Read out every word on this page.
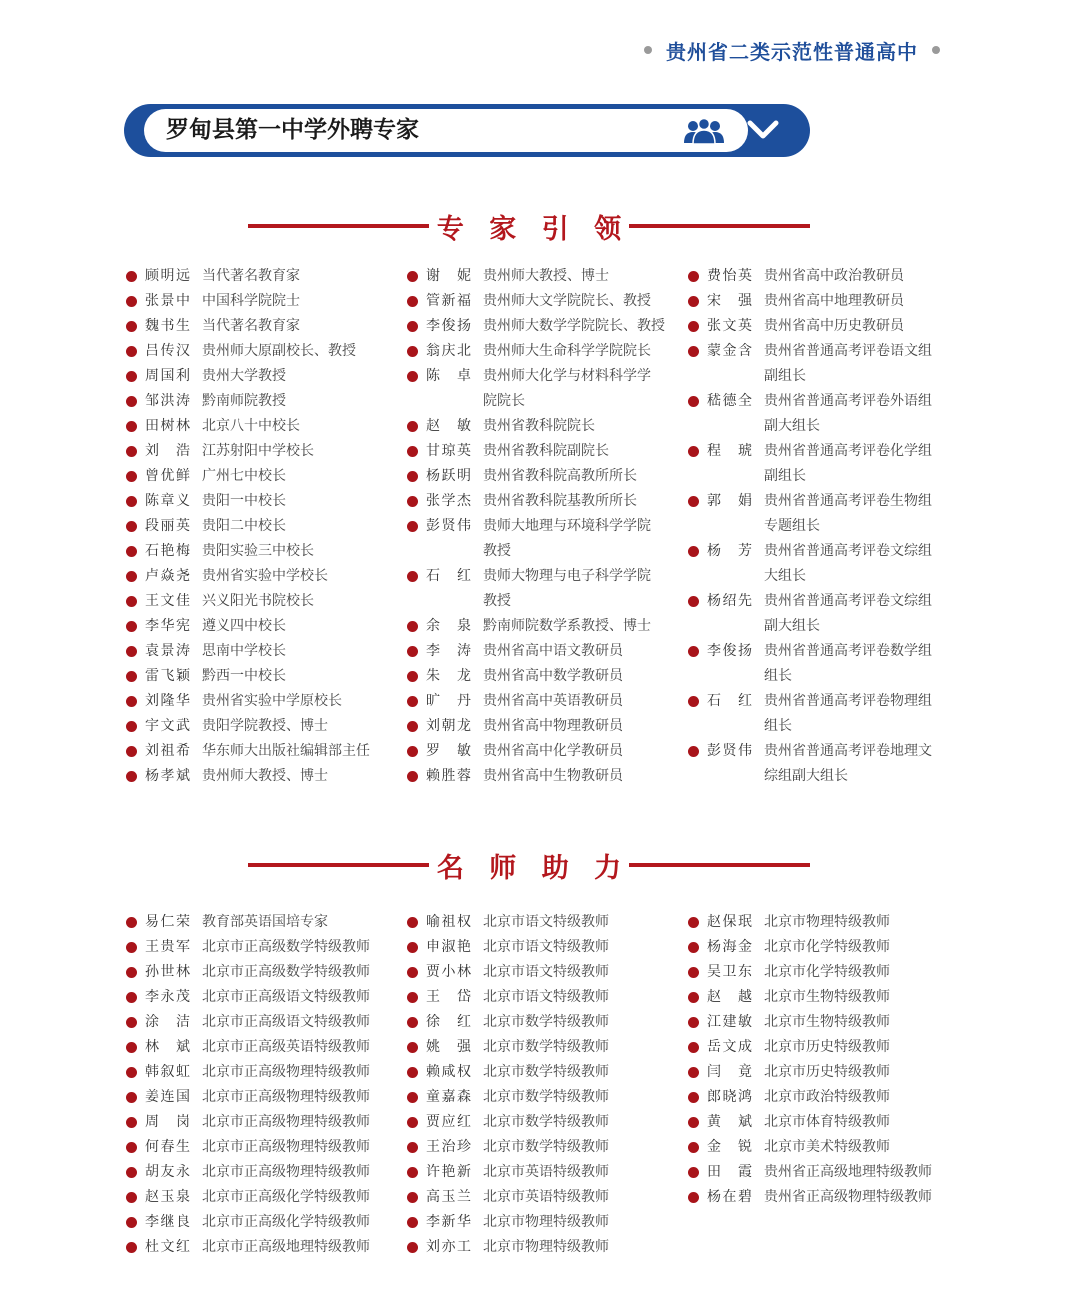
贵州省二类示范性普通高中
罗甸县第一中学外聘专家
专 家 引 领
顾明远 当代著名教育家
张景中 中国科学院院士
魏书生 当代著名教育家
吕传汉 贵州师大原副校长、教授
周国利 贵州大学教授
邹洪涛 黔南师院教授
田树林 北京八十中校长
刘　浩 江苏射阳中学校长
曾优鲜 广州七中校长
陈章义 贵阳一中校长
段丽英 贵阳二中校长
石艳梅 贵阳实验三中校长
卢焱尧 贵州省实验中学校长
王文佳 兴义阳光书院校长
李华宪 遵义四中校长
袁景涛 思南中学校长
雷飞颖 黔西一中校长
刘隆华 贵州省实验中学原校长
宇文武 贵阳学院教授、博士
刘祖希 华东师大出版社编辑部主任
杨孝斌 贵州师大教授、博士
谢　妮 贵州师大教授、博士
管新福 贵州师大文学院院长、教授
李俊扬 贵州师大数学学院院长、教授
翁庆北 贵州师大生命科学学院院长
陈　卓 贵州师大化学与材料科学学
院院长
赵　敏 贵州省教科院院长
甘琼英 贵州省教科院副院长
杨跃明 贵州省教科院高教所所长
张学杰 贵州省教科院基教所所长
彭贤伟 贵师大地理与环境科学学院
教授
石　红 贵师大物理与电子科学学院
教授
余　泉 黔南师院数学系教授、博士
李　涛 贵州省高中语文教研员
朱　龙 贵州省高中数学教研员
旷　丹 贵州省高中英语教研员
刘朝龙 贵州省高中物理教研员
罗　敏 贵州省高中化学教研员
赖胜蓉 贵州省高中生物教研员
费怡英 贵州省高中政治教研员
宋　强 贵州省高中地理教研员
张文英 贵州省高中历史教研员
蒙金含 贵州省普通高考评卷语文组
副组长
嵇德全 贵州省普通高考评卷外语组
副大组长
程　琥 贵州省普通高考评卷化学组
副组长
郭　娟 贵州省普通高考评卷生物组
专题组长
杨　芳 贵州省普通高考评卷文综组
大组长
杨绍先 贵州省普通高考评卷文综组
副大组长
李俊扬 贵州省普通高考评卷数学组
组长
石　红 贵州省普通高考评卷物理组
组长
彭贤伟 贵州省普通高考评卷地理文
综组副大组长
名 师 助 力
易仁荣 教育部英语国培专家
王贵军 北京市正高级数学特级教师
孙世林 北京市正高级数学特级教师
李永茂 北京市正高级语文特级教师
涂　洁 北京市正高级语文特级教师
林　斌 北京市正高级英语特级教师
韩叙虹 北京市正高级物理特级教师
姜连国 北京市正高级物理特级教师
周　岗 北京市正高级物理特级教师
何春生 北京市正高级物理特级教师
胡友永 北京市正高级物理特级教师
赵玉泉 北京市正高级化学特级教师
李继良 北京市正高级化学特级教师
杜文红 北京市正高级地理特级教师
喻祖权 北京市语文特级教师
申淑艳 北京市语文特级教师
贾小林 北京市语文特级教师
王　岱 北京市语文特级教师
徐　红 北京市数学特级教师
姚　强 北京市数学特级教师
赖咸权 北京市数学特级教师
童嘉森 北京市数学特级教师
贾应红 北京市数学特级教师
王治珍 北京市数学特级教师
许艳新 北京市英语特级教师
高玉兰 北京市英语特级教师
李新华 北京市物理特级教师
刘亦工 北京市物理特级教师
赵保珉 北京市物理特级教师
杨海金 北京市化学特级教师
吴卫东 北京市化学特级教师
赵　越 北京市生物特级教师
江建敏 北京市生物特级教师
岳文成 北京市历史特级教师
闫　竟 北京市历史特级教师
郎晓鸿 北京市政治特级教师
黄　斌 北京市体育特级教师
金　锐 北京市美术特级教师
田　霞 贵州省正高级地理特级教师
杨在碧 贵州省正高级物理特级教师
